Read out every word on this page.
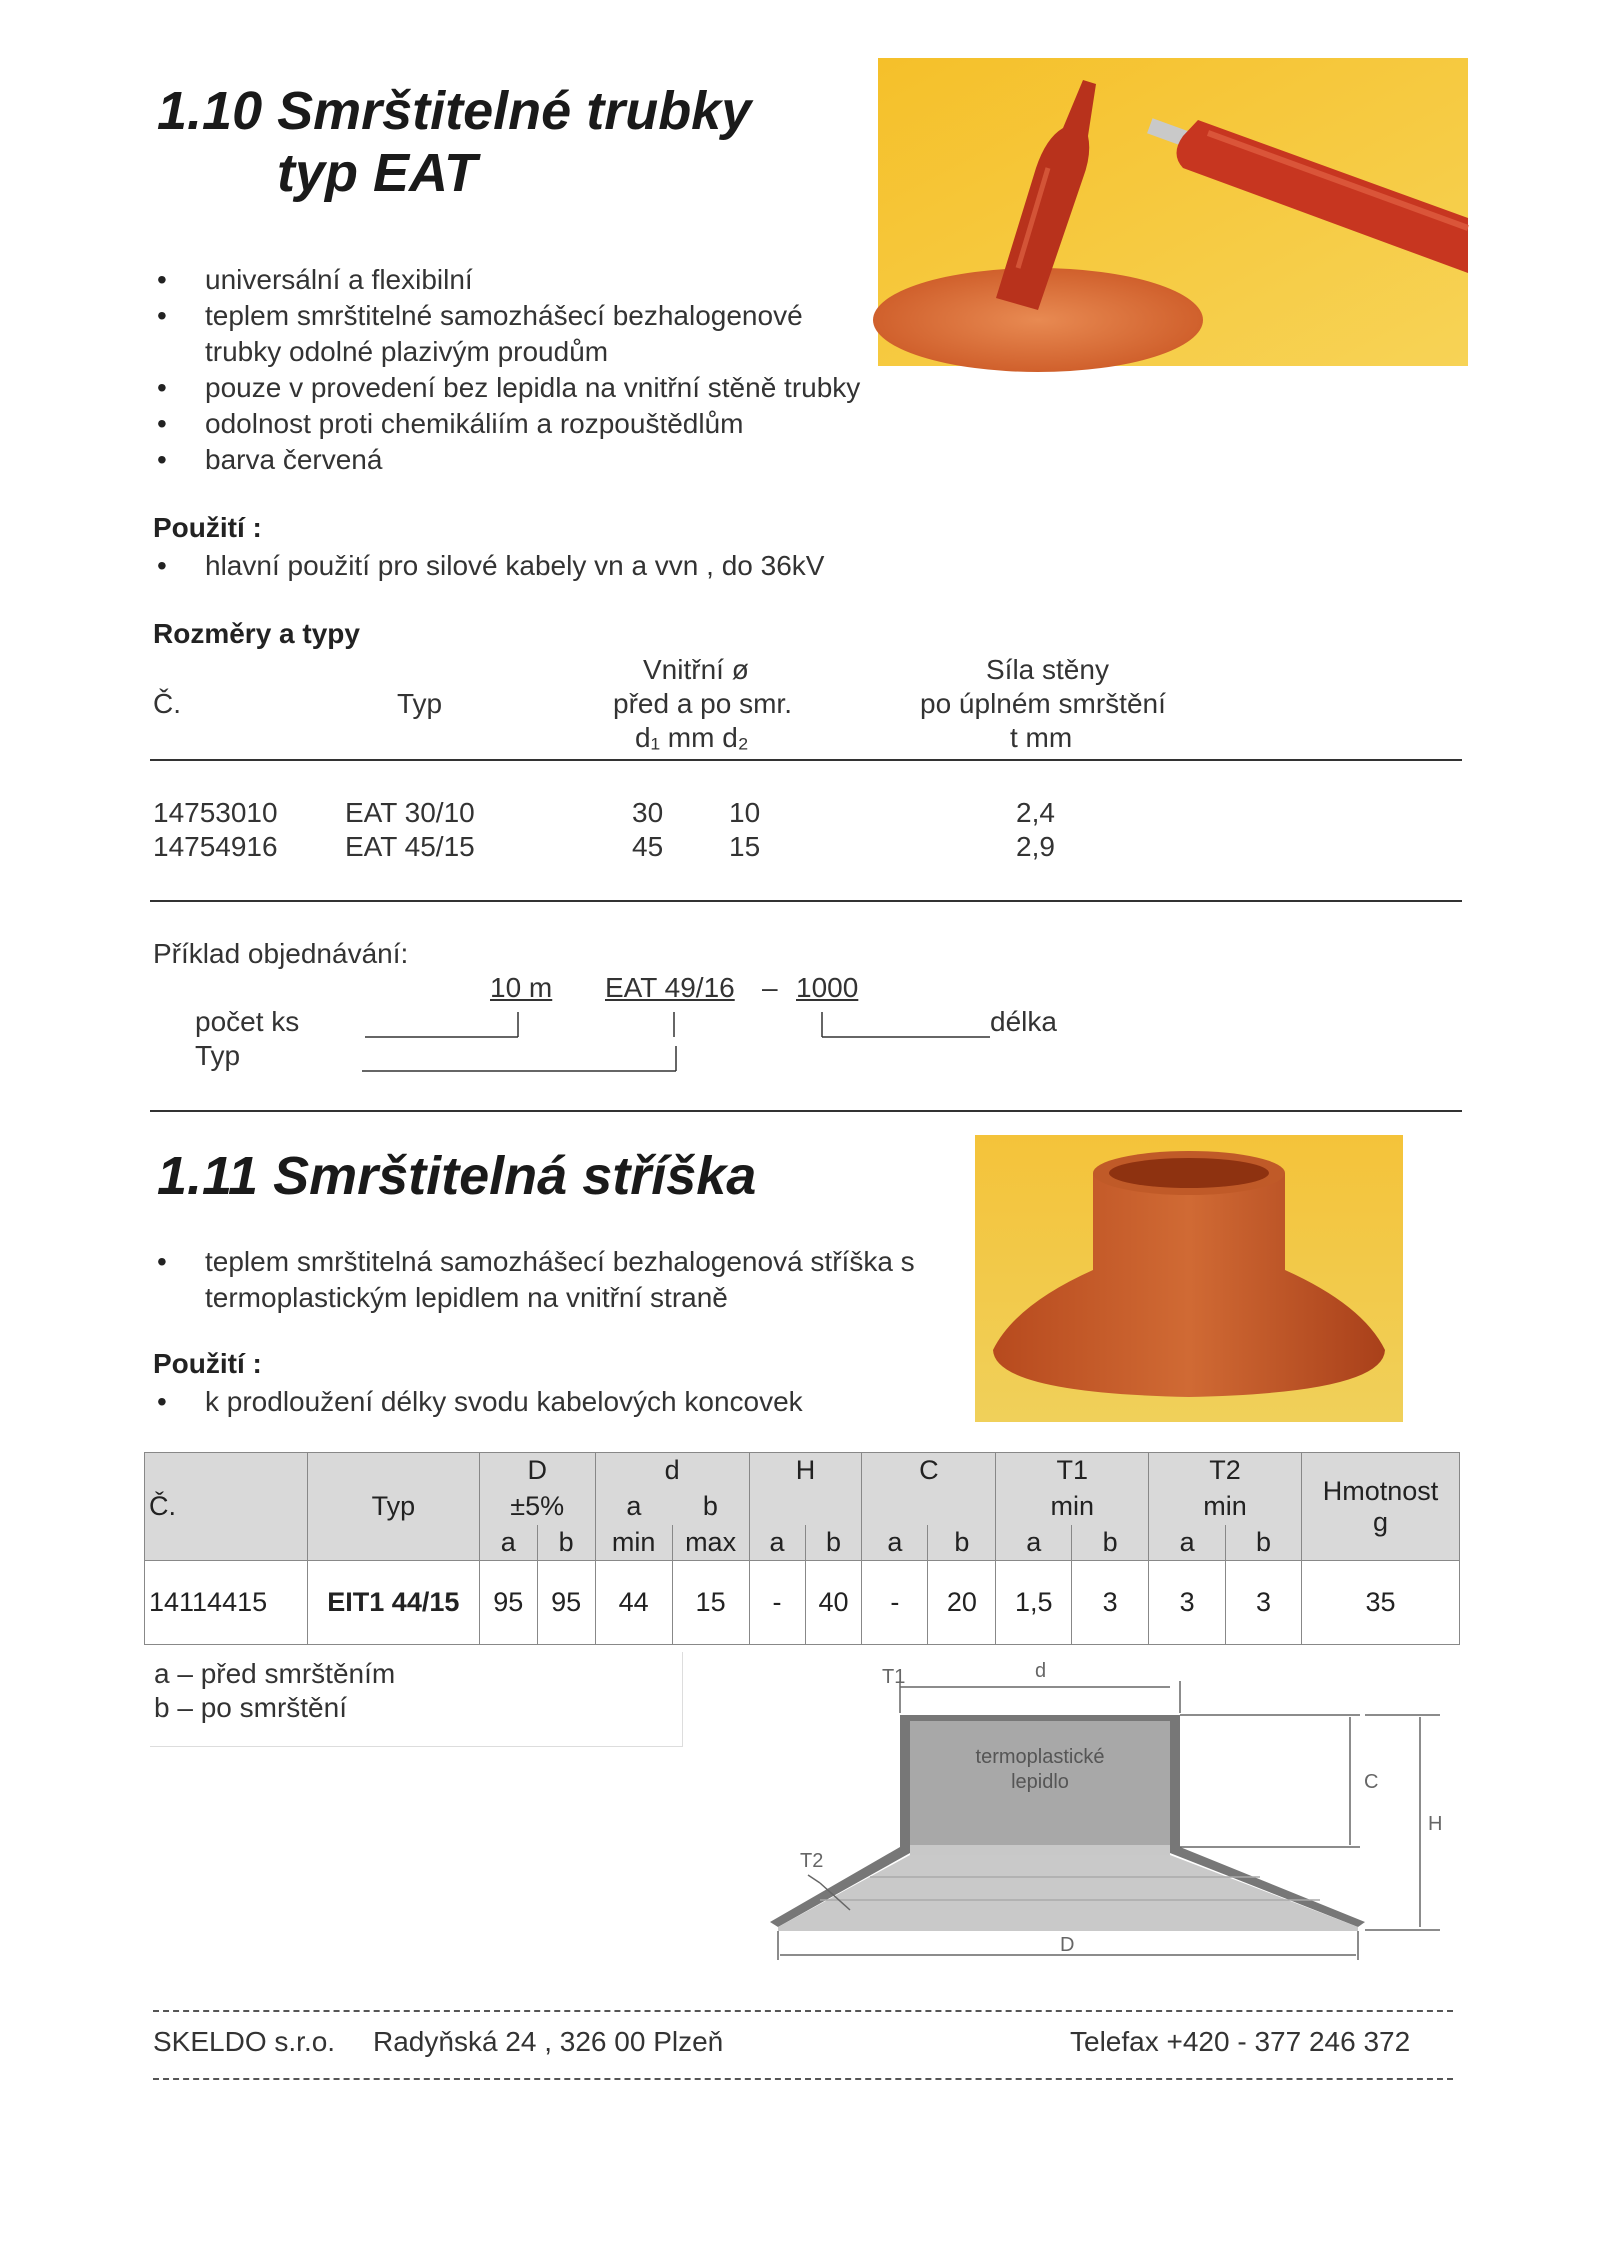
1.10 Smrštitelné trubky
typ EAT
• universální a flexibilní
• teplem smrštitelné samozhášecí bezhalogenové trubky odolné plazivým proudům
• pouze v provedení bez lepidla na vnitřní stěně trubky
• odolnost proti chemikáliím a rozpouštědlům
• barva červená
Použití :
• hlavní použití pro silové kabely vn a vvn , do 36kV
Rozměry a typy
Č.	Typ
Vnitřní ø
před a po smr.
d₁ mm d₂
Síla stěny
po úplném smrštění
t mm
14753010 EAT 30/10	30 10	2,4
14754916 EAT 45/15	45 15	2,9
Příklad objednávání:
10 m EAT 49/16 – 1000
počet ks
Typ
délka
1.11 Smrštitelná stříška
• teplem smrštitelná samozhášecí bezhalogenová stříška s termoplastickým lepidlem na vnitřní straně
Použití :
• k prodloužení délky svodu kabelových koncovek
Č.	Typ	D		d		H		C		T1		T2		Hmotnost
g
		±5%		a	b					min		min		
		a	b	min	max	a	b	a	b	a	b	a	b	
14114415	EIT1 44/15	95	95	44	15	-	40	-	20	1,5	3	3	3	35
a – před smrštěním
b – po smrštění
T1	d
C
H
T2
D
termoplastické
lepidlo
SKELDO s.r.o. Radyňská 24 , 326 00 Plzeň	Telefax +420 - 377 246 372
